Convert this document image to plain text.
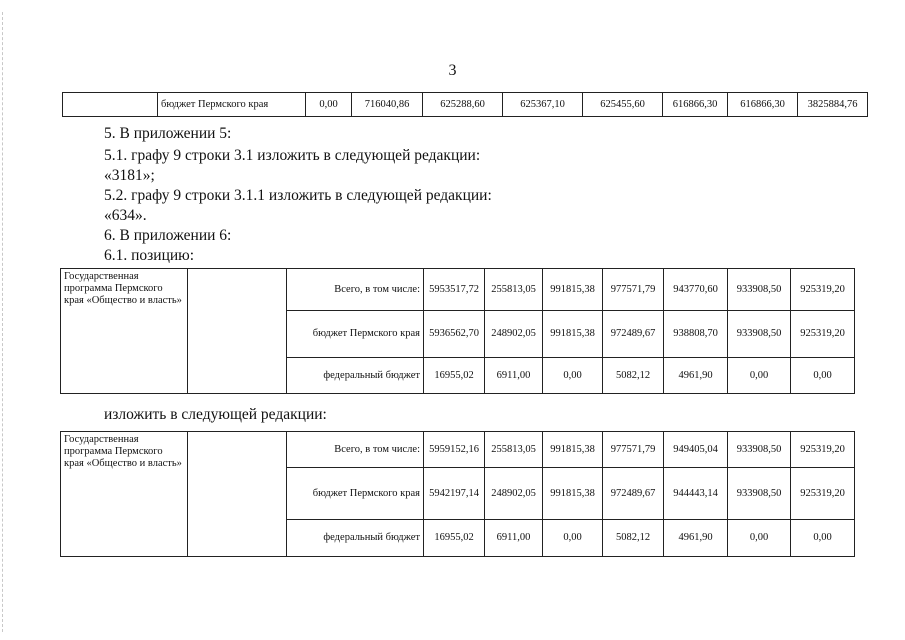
3
	бюджет Пермского края	0,00	716040,86	625288,60	625367,10	625455,60	616866,30	616866,30	3825884,76
5. В приложении 5:
5.1. графу 9 строки 3.1 изложить в следующей редакции:
«3181»;
5.2. графу 9 строки 3.1.1 изложить в следующей редакции:
«634».
6. В приложении 6:
6.1. позицию:
Государственная программа Пермского края «Общество и власть»		Всего, в том числе:	5953517,72	255813,05	991815,38	977571,79	943770,60	933908,50	925319,20	
		бюджет Пермского края	5936562,70	248902,05	991815,38	972489,67	938808,70	933908,50	925319,20	
		федеральный бюджет	16955,02	6911,00	0,00	5082,12	4961,90	0,00	0,00	
изложить в следующей редакции:
Государственная программа Пермского края «Общество и власть»		Всего, в том числе:	5959152,16	255813,05	991815,38	977571,79	949405,04	933908,50	925319,20	
		бюджет Пермского края	5942197,14	248902,05	991815,38	972489,67	944443,14	933908,50	925319,20	
		федеральный бюджет	16955,02	6911,00	0,00	5082,12	4961,90	0,00	0,00	
